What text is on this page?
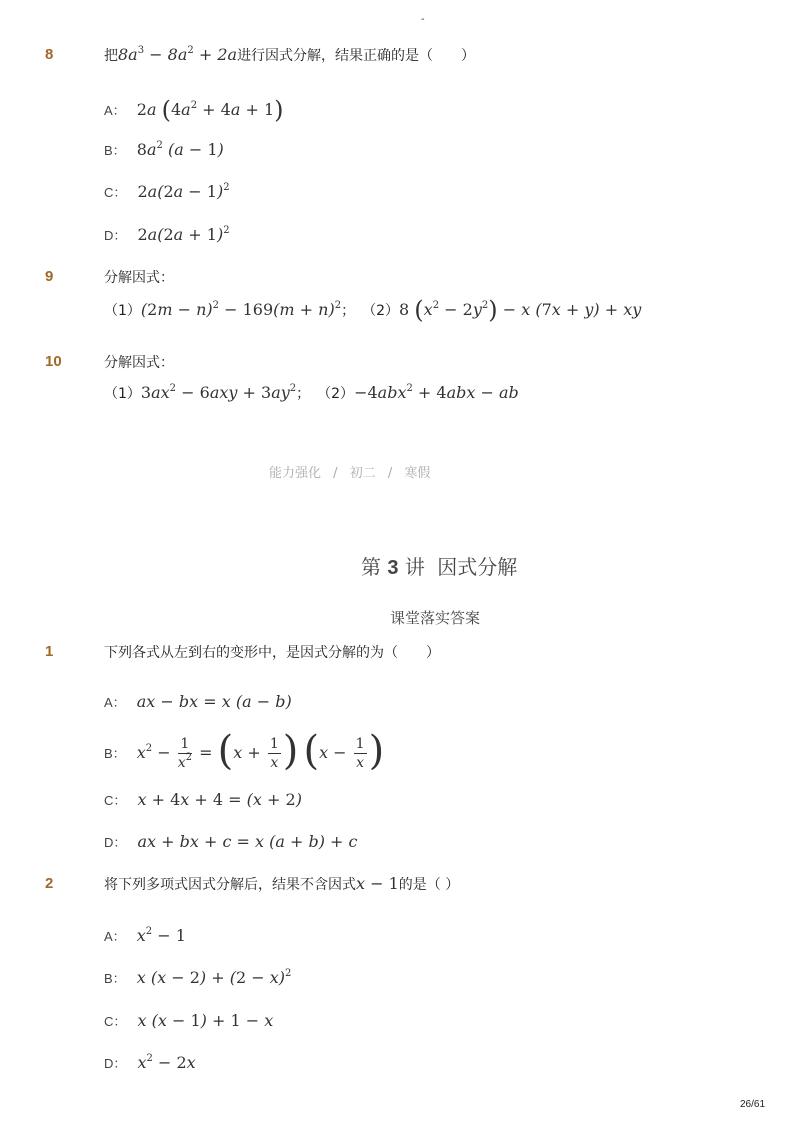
-
8	把$8a^3 - 8a^2 + 2a$进行因式分解，结果正确的是（　　）
A： 2a $(4a^2 + 4a + 1)$
B： $8a^2$ (a − 1)
C： $2a(2a - 1)^2$
D： $2a(2a + 1)^2$
9	分解因式：
$(1)(2m - n)^2 - 169(m + n)^2$； （2）8 $(x^2 - 2y^2) - x$ (7x + y) + xy
10	分解因式：
$(1)3ax^2 - 6axy + 3ay^2$； （2）−4abx$^2$ + 4abx − ab
能力强化 / 初二 / 寒假
第 3 讲 因式分解
课堂落实答案
1	下列各式从左到右的变形中，是因式分解的为（　　）
A： ax − bx = x (a − b)
B： $x^2 - \frac{1}{x^2} = (x + \frac{1}{x}$ ) ($x - \frac{1}{x}$ )
C： x + 4x + 4 = (x + 2)
D： ax + bx + c = x (a + b) + c
2	将下列多项式因式分解后，结果不含因式x − 1的是（ ）
A： $x^2 - 1$
B： x $(x - 2) + (2 - x)^2$
C： x (x − 1) + 1 − x
D： $x^2 - 2x$
26/61
